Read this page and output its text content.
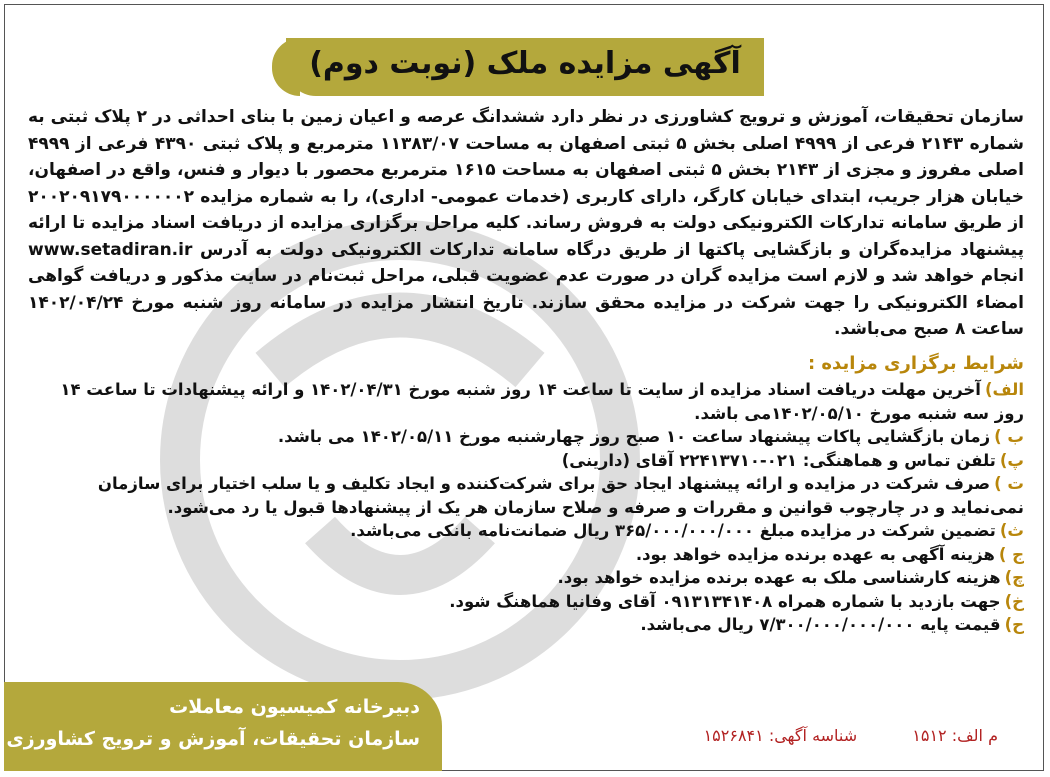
آگهی مزایده ملک (نوبت دوم)
سازمان تحقیقات، آموزش و ترویج کشاورزی در نظر دارد ششدانگ عرصه و اعیان زمین با بنای احداثی در ۲ پلاک ثبتی به شماره ۲۱۴۳ فرعی از ۴۹۹۹ اصلی بخش ۵ ثبتی اصفهان به مساحت ۱۱۳۸۳/۰۷ مترمربع و پلاک ثبتی ۴۳۹۰ فرعی از ۴۹۹۹ اصلی مفروز و مجزی از ۲۱۴۳ بخش ۵ ثبتی اصفهان به مساحت ۱۶۱۵ مترمربع محصور با دیوار و فنس، واقع در اصفهان، خیابان هزار جریب، ابتدای خیابان کارگر، دارای کاربری (خدمات عمومی- اداری)، را به شماره مزایده ۲۰۰۲۰۹۱۷۹۰۰۰۰۰۰۲ از طریق سامانه تدارکات الکترونیکی دولت به فروش رساند. کلیه مراحل برگزاری مزایده از دریافت اسناد مزایده تا ارائه پیشنهاد مزایده‌گران و بازگشایی پاکتها از طریق درگاه سامانه تدارکات الکترونیکی دولت به آدرس www.setadiran.ir انجام خواهد شد و لازم است مزایده گران در صورت عدم عضویت قبلی، مراحل ثبت‌نام در سایت مذکور و دریافت گواهی امضاء الکترونیکی را جهت شرکت در مزایده محقق سازند. تاریخ انتشار مزایده در سامانه روز شنبه مورخ ۱۴۰۲/۰۴/۲۴ ساعت ۸ صبح می‌باشد.
شرایط برگزاری مزایده :

الف)آخرین مهلت دریافت اسناد مزایده از سایت تا ساعت ۱۴ روز شنبه مورخ ۱۴۰۲/۰۴/۳۱ و ارائه پیشنهادات تا ساعت ۱۴ روز سه شنبه مورخ ۱۴۰۲/۰۵/۱۰می باشد.

ب )زمان بازگشایی پاکات پیشنهاد ساعت ۱۰ صبح روز چهارشنبه مورخ ۱۴۰۲/۰۵/۱۱ می باشد.

پ)تلفن تماس و هماهنگی: ۰۲۱-۲۲۴۱۳۷۱۰ آقای (دارینی)

ت )صرف شرکت در مزایده و ارائه پیشنهاد ایجاد حق برای شرکت‌کننده و ایجاد تکلیف و یا سلب اختیار برای سازمان نمی‌نماید و در چارچوب قوانین و مقررات و صرفه و صلاح سازمان هر یک از پیشنهادها قبول یا رد می‌شود.

ث)تضمین شرکت در مزایده مبلغ ۳۶۵/۰۰۰/۰۰۰/۰۰۰ ریال ضمانت‌نامه بانکی می‌باشد.

ج )هزینه آگهی به عهده برنده مزایده خواهد بود.

چ)هزینه کارشناسی ملک به عهده برنده مزایده خواهد بود.

خ)جهت بازدید با شماره همراه ۰۹۱۳۱۳۴۱۴۰۸ آقای وفانیا هماهنگ شود.

ح)قیمت پایه ۷/۳۰۰/۰۰۰/۰۰۰/۰۰۰ ریال می‌باشد.

دبیرخانه کمیسیون معاملات
سازمان تحقیقات، آموزش و ترویج کشاورزی	م الف: ۱۵۱۲ شناسه آگهی: ۱۵۲۶۸۴۱
